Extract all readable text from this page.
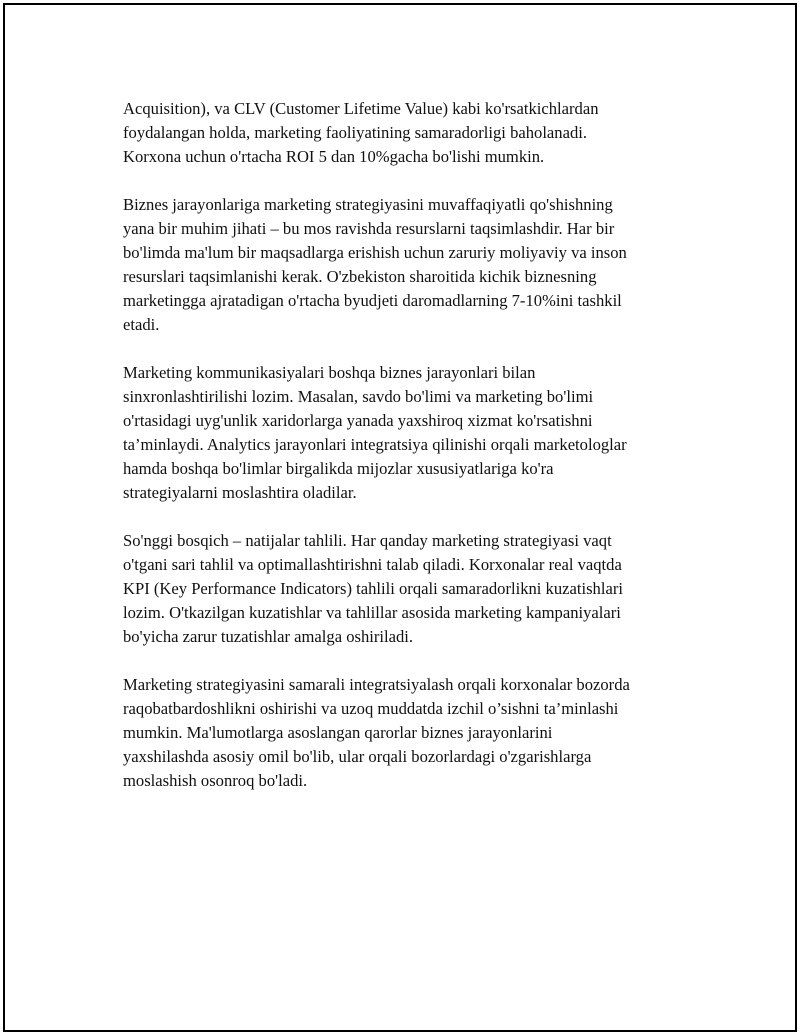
Acquisition), va CLV (Customer Lifetime Value) kabi ko'rsatkichlardan
foydalangan holda, marketing faoliyatining samaradorligi baholanadi.
Korxona uchun o'rtacha ROI 5 dan 10%gacha bo'lishi mumkin.

Biznes jarayonlariga marketing strategiyasini muvaffaqiyatli qo'shishning
yana bir muhim jihati – bu mos ravishda resurslarni taqsimlashdir. Har bir
bo'limda ma'lum bir maqsadlarga erishish uchun zaruriy moliyaviy va inson
resurslari taqsimlanishi kerak. O'zbekiston sharoitida kichik biznesning
marketingga ajratadigan o'rtacha byudjeti daromadlarning 7-10%ini tashkil
etadi.

Marketing kommunikasiyalari boshqa biznes jarayonlari bilan
sinxronlashtirilishi lozim. Masalan, savdo bo'limi va marketing bo'limi
o'rtasidagi uyg'unlik xaridorlarga yanada yaxshiroq xizmat ko'rsatishni
ta’minlaydi. Analytics jarayonlari integratsiya qilinishi orqali marketologlar
hamda boshqa bo'limlar birgalikda mijozlar xususiyatlariga ko'ra
strategiyalarni moslashtira oladilar.

So'nggi bosqich – natijalar tahlili. Har qanday marketing strategiyasi vaqt
o'tgani sari tahlil va optimallashtirishni talab qiladi. Korxonalar real vaqtda
KPI (Key Performance Indicators) tahlili orqali samaradorlikni kuzatishlari
lozim. O'tkazilgan kuzatishlar va tahlillar asosida marketing kampaniyalari
bo'yicha zarur tuzatishlar amalga oshiriladi.

Marketing strategiyasini samarali integratsiyalash orqali korxonalar bozorda
raqobatbardoshlikni oshirishi va uzoq muddatda izchil o’sishni ta’minlashi
mumkin. Ma'lumotlarga asoslangan qarorlar biznes jarayonlarini
yaxshilashda asosiy omil bo'lib, ular orqali bozorlardagi o'zgarishlarga
moslashish osonroq bo'ladi.
